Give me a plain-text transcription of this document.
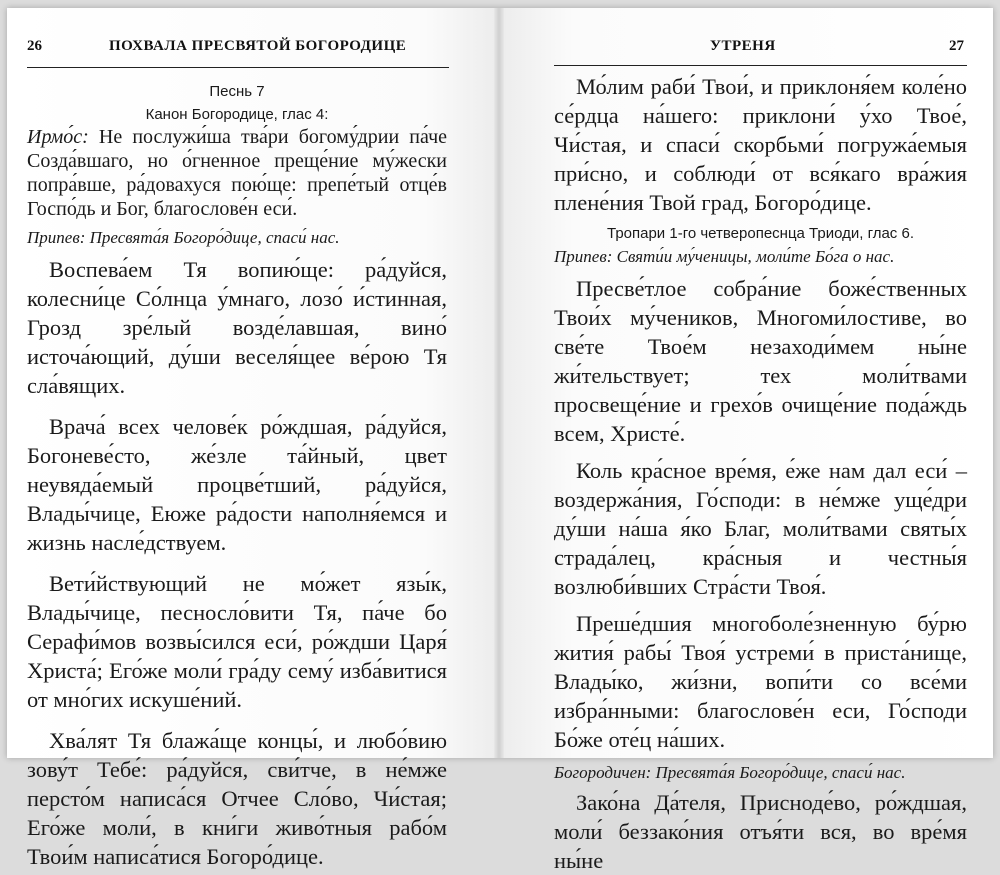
26	ПОХВАЛА ПРЕСВЯТОЙ БОГОРОДИЦЕ

Песнь 7

Канон Богородице, глас 4:

Ирмо́с: Не послужи́ша тва́ри богому́дрии па́че Созда́вшаго, но о́гненное преще́ние му́жески попра́вше, ра́довахуся пою́ще: препе́тый отце́в Госпо́дь и Бог, благослове́н еси́.

Припев: Пресвята́я Богоро́дице, спаси́ нас.

Воспева́ем Тя вопию́ще: ра́дуйся, колесни́це Со́лнца у́мнаго, лозо́ и́стинная, Грозд зре́лый возде́лавшая, вино́ источа́ющий, ду́ши веселя́щее ве́рою Тя сла́вящих.

Врача́ всех челове́к ро́ждшая, ра́дуйся, Богоневе́сто, же́зле та́йный, цвет неувяда́емый процве́тший, ра́дуйся, Влады́чице, Еюже ра́дости наполня́емся и жизнь насле́дствуем.

Вети́йствующий не мо́жет язы́к, Влады́чице, песносло́вити Тя, па́че бо Серафи́мов возвы́сился еси́, ро́ждши Царя́ Христа́; Его́же моли́ гра́ду сему́ изба́витися от мно́гих искуше́ний.

Хва́лят Тя блажа́ще концы́, и любо́вию зову́т Тебе́: ра́дуйся, сви́тче, в не́мже персто́м написа́ся Отчее Сло́во, Чи́стая; Его́же моли́, в кни́ги живо́тныя рабо́м Твои́м написа́тися Богоро́дице.

УТРЕНЯ	27

Мо́лим раби́ Твои́, и приклоня́ем коле́но се́рдца на́шего: приклони́ у́хо Твое́, Чи́стая, и спаси́ скорбьми́ погружа́емыя при́сно, и соблюди́ от вся́каго вра́жия плене́ния Твой град, Богоро́дице.

Тропари 1-го четверопеснца Триоди, глас 6.

Припев: Святи́и му́ченицы, моли́те Бо́га о нас.

Пресве́тлое собра́ние боже́ственных Твои́х му́чеников, Многоми́лостиве, во све́те Твое́м незаходи́мем ны́не жи́тельствует; тех моли́твами просвеще́ние и грехо́в очище́ние пода́ждь всем, Христе́.

Коль кра́сное вре́мя, е́же нам дал еси́ – воздержа́ния, Го́споди: в не́мже уще́дри ду́ши на́ша я́ко Благ, моли́твами святы́х страда́лец, кра́сныя и честны́я возлюби́вших Стра́сти Твоя́.

Преше́дшия многоболе́зненную бу́рю жития́ рабы́ Твоя́ устреми́ в приста́нище, Влады́ко, жи́зни, вопи́ти со все́ми избра́нными: благослове́н еси, Го́споди Бо́же оте́ц на́ших.

Богородичен: Пресвята́я Богоро́дице, спаси́ нас.

Зако́на Да́теля, Присноде́во, ро́ждшая, моли́ беззако́ния отъя́ти вся, во вре́мя ны́не
